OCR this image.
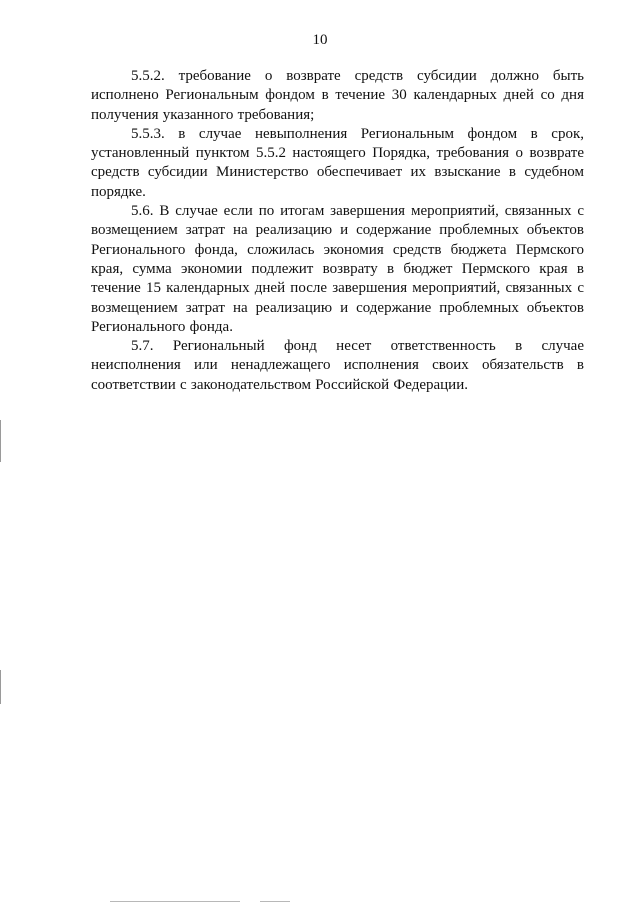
10

5.5.2. требование о возврате средств субсидии должно быть исполнено Региональным фондом в течение 30 календарных дней со дня получения указанного требования;

5.5.3. в случае невыполнения Региональным фондом в срок, установленный пунктом 5.5.2 настоящего Порядка, требования о возврате средств субсидии Министерство обеспечивает их взыскание в судебном порядке.

5.6. В случае если по итогам завершения мероприятий, связанных с возмещением затрат на реализацию и содержание проблемных объектов Регионального фонда, сложилась экономия средств бюджета Пермского края, сумма экономии подлежит возврату в бюджет Пермского края в течение 15 календарных дней после завершения мероприятий, связанных с возмещением затрат на реализацию и содержание проблемных объектов Регионального фонда.

5.7. Региональный фонд несет ответственность в случае неисполнения или ненадлежащего исполнения своих обязательств в соответствии с законодательством Российской Федерации.
